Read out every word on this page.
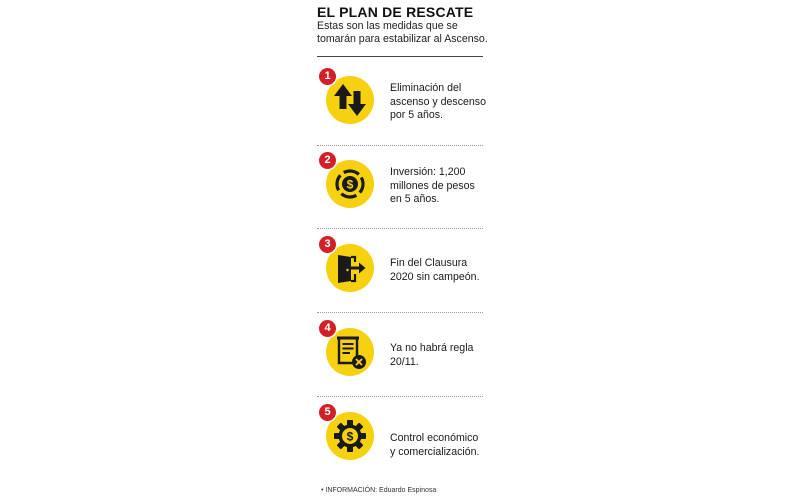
EL PLAN DE RESCATE
Estas son las medidas que se tomarán para estabilizar al Ascenso.
1
Eliminación del ascenso y descenso por 5 años.
$
2
Inversión: 1,200 millones de pesos en 5 años.
3
Fin del Clausura 2020 sin campeón.
4
Ya no habrá regla 20/11.
$
5
Control económico y comercialización.
• INFORMACIÓN: Eduardo Espinosa
